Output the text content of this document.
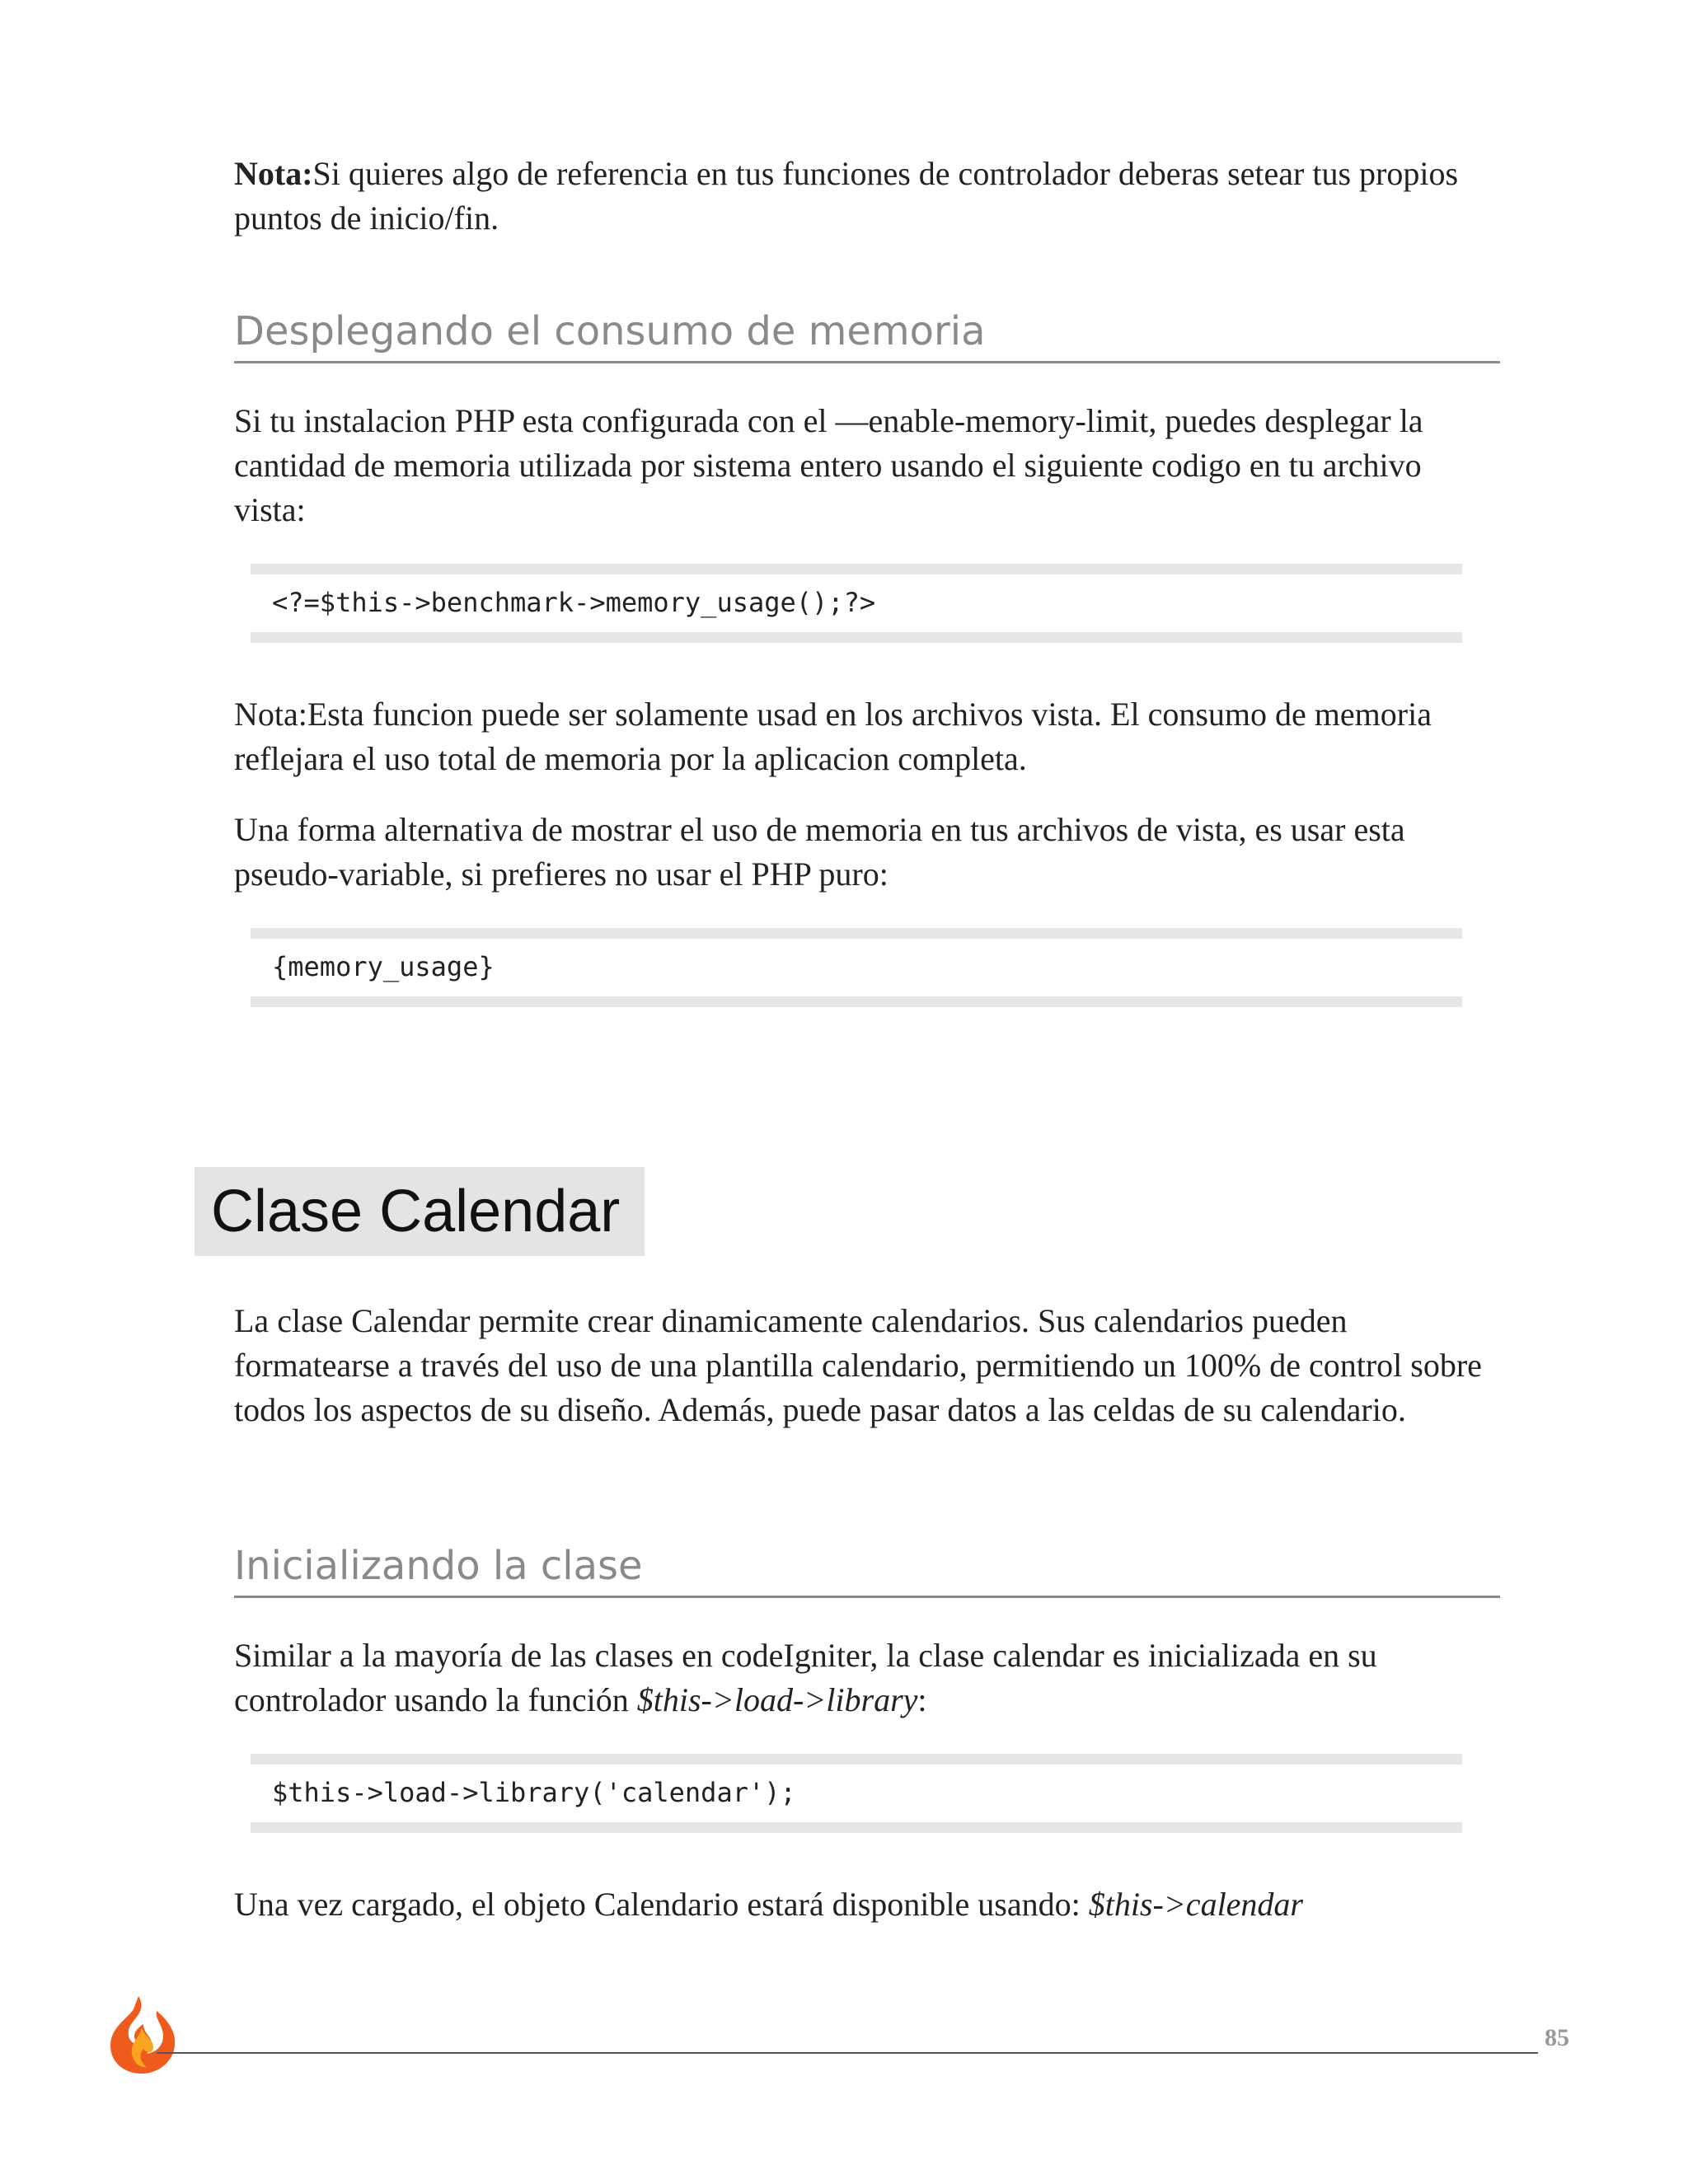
Nota:Si quieres algo de referencia en tus funciones de controlador deberas setear tus propios puntos de inicio/fin.

Desplegando el consumo de memoria

Si tu instalacion PHP esta configurada con el —enable-memory-limit, puedes desplegar la cantidad de memoria utilizada por sistema entero usando el siguiente codigo en tu archivo vista:

<?=$this->benchmark->memory_usage();?>

Nota:Esta funcion puede ser solamente usad en los archivos vista. El consumo de memoria reflejara el uso total de memoria por la aplicacion completa.

Una forma alternativa de mostrar el uso de memoria en tus archivos de vista, es usar esta pseudo-variable, si prefieres no usar el PHP puro:

{memory_usage}
Clase Calendar

La clase Calendar permite crear dinamicamente calendarios. Sus calendarios pueden formatearse a través del uso de una plantilla calendario, permitiendo un 100% de control sobre todos los aspectos de su diseño. Además, puede pasar datos a las celdas de su calendario.

Inicializando la clase

Similar a la mayoría de las clases en codeIgniter, la clase calendar es inicializada en su controlador usando la función $this->load->library:

$this->load->library('calendar');

Una vez cargado, el objeto Calendario estará disponible usando: $this->calendar

85
